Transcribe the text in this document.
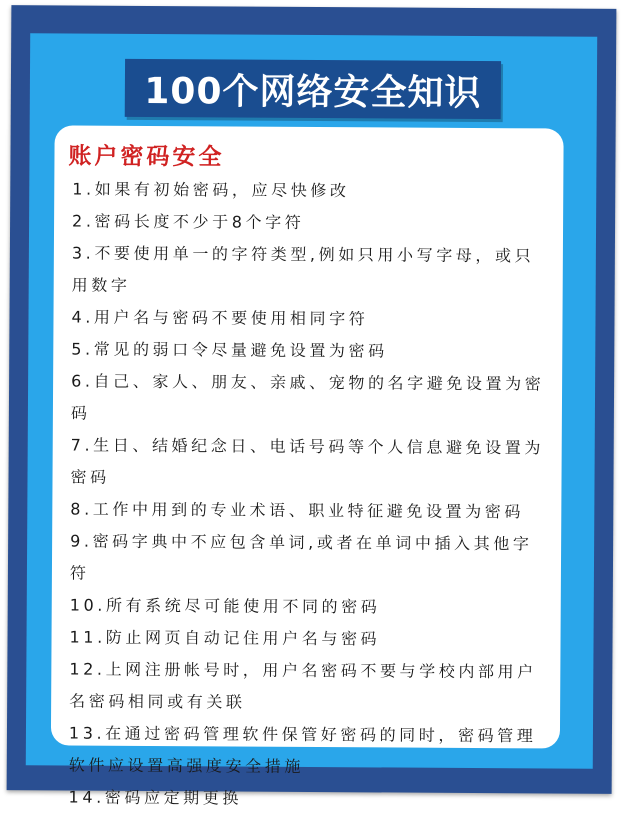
100个网络安全知识
账户密码安全
1.如果有初始密码，应尽快修改
2.密码长度不少于8个字符
3.不要使用单一的字符类型,例如只用小写字母，或只用数字
4.用户名与密码不要使用相同字符
5.常见的弱口令尽量避免设置为密码
6.自己、家人、朋友、亲戚、宠物的名字避免设置为密码
7.生日、结婚纪念日、电话号码等个人信息避免设置为密码
8.工作中用到的专业术语、职业特征避免设置为密码
9.密码字典中不应包含单词,或者在单词中插入其他字符
10.所有系统尽可能使用不同的密码
11.防止网页自动记住用户名与密码
12.上网注册帐号时，用户名密码不要与学校内部用户名密码相同或有关联
13.在通过密码管理软件保管好密码的同时，密码管理软件应设置高强度安全措施
14.密码应定期更换
